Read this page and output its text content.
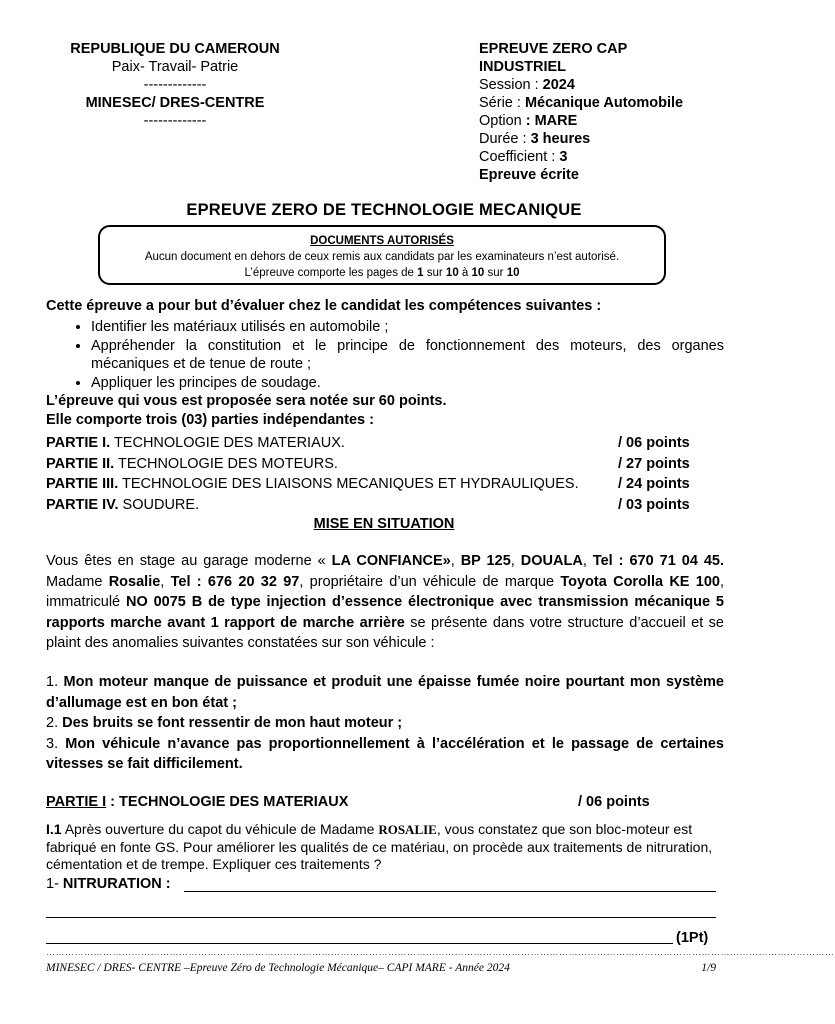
REPUBLIQUE DU CAMEROUN
Paix- Travail- Patrie
-------------
MINESEC/ DRES-CENTRE
-------------
EPREUVE ZERO CAP
INDUSTRIEL
Session : 2024
Série : Mécanique Automobile
Option : MARE
Durée : 3 heures
Coefficient : 3
Epreuve écrite
EPREUVE ZERO DE TECHNOLOGIE MECANIQUE
DOCUMENTS AUTORISÉS
Aucun document en dehors de ceux remis aux candidats par les examinateurs n’est autorisé.
L’épreuve comporte les pages de 1 sur 10 à 10 sur 10
Cette épreuve a pour but d’évaluer chez le candidat les compétences suivantes :
• Identifier les matériaux utilisés en automobile ;
• Appréhender la constitution et le principe de fonctionnement des moteurs, des organes mécaniques et de tenue de route ;
• Appliquer les principes de soudage.
L’épreuve qui vous est proposée sera notée sur 60 points.
Elle comporte trois (03) parties indépendantes :
PARTIE I. TECHNOLOGIE DES MATERIAUX.	/ 06 points
PARTIE II. TECHNOLOGIE DES MOTEURS.	/ 27 points
PARTIE III. TECHNOLOGIE DES LIAISONS MECANIQUES ET HYDRAULIQUES.	/ 24 points
PARTIE IV. SOUDURE.	/ 03 points
MISE EN SITUATION
Vous êtes en stage au garage moderne « LA CONFIANCE», BP 125, DOUALA, Tel : 670 71 04 45. Madame Rosalie, Tel : 676 20 32 97, propriétaire d’un véhicule de marque Toyota Corolla KE 100, immatriculé NO 0075 B de type injection d’essence électronique avec transmission mécanique 5 rapports marche avant 1 rapport de marche arrière se présente dans votre structure d’accueil et se plaint des anomalies suivantes constatées sur son véhicule :
1. Mon moteur manque de puissance et produit une épaisse fumée noire pourtant mon système d’allumage est en bon état ;
2. Des bruits se font ressentir de mon haut moteur ;
3. Mon véhicule n’avance pas proportionnellement à l’accélération et le passage de certaines vitesses se fait difficilement.
PARTIE I : TECHNOLOGIE DES MATERIAUX	/ 06 points
I.1 Après ouverture du capot du véhicule de Madame ROSALIE, vous constatez que son bloc-moteur est fabriqué en fonte GS. Pour améliorer les qualités de ce matériau, on procède aux traitements de nitruration, cémentation et de trempe. Expliquer ces traitements ?
1- NITRURATION :
(1Pt)
……………………………………………………………………………………………………………………………………………………………………………………………………………………………
MINESEC / DRES- CENTRE –Epreuve Zéro de Technologie Mécanique– CAPI MARE - Année 2024	1/9
